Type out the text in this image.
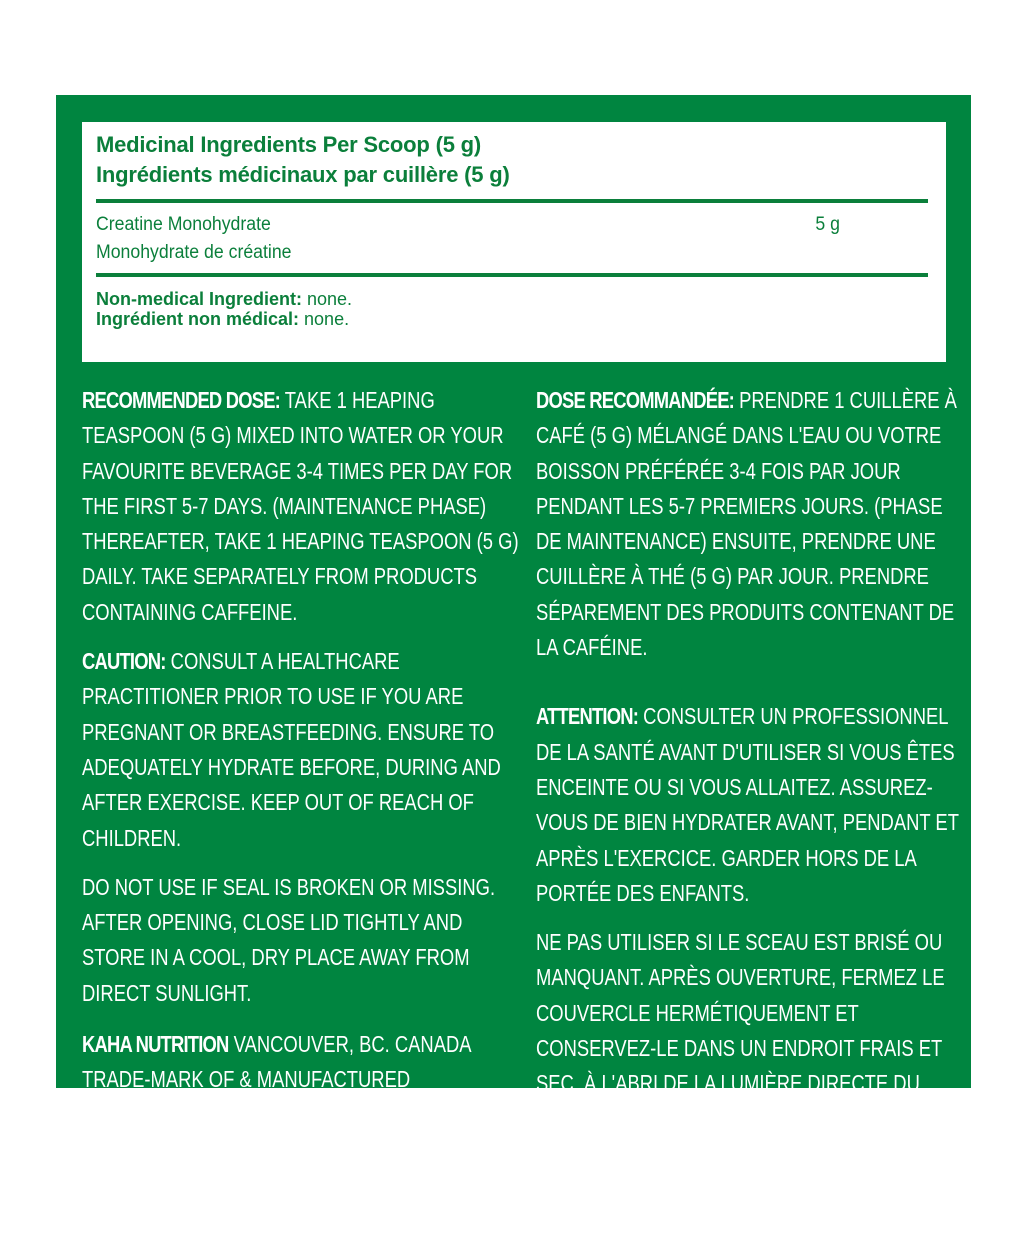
Medicinal Ingredients Per Scoop (5 g)
Ingrédients médicinaux par cuillère (5 g)
Creatine Monohydrate
Monohydrate de créatine
5 g
Non-medical Ingredient: none.
Ingrédient non médical: none.

RECOMMENDED DOSE: TAKE 1 HEAPING TEASPOON (5 G) MIXED INTO WATER OR YOUR FAVOURITE BEVERAGE 3-4 TIMES PER DAY FOR THE FIRST 5-7 DAYS. (MAINTENANCE PHASE) THEREAFTER, TAKE 1 HEAPING TEASPOON (5 G) DAILY. TAKE SEPARATELY FROM PRODUCTS CONTAINING CAFFEINE.

CAUTION: CONSULT A HEALTHCARE PRACTITIONER PRIOR TO USE IF YOU ARE PREGNANT OR BREASTFEEDING. ENSURE TO ADEQUATELY HYDRATE BEFORE, DURING AND AFTER EXERCISE. KEEP OUT OF REACH OF CHILDREN.

DO NOT USE IF SEAL IS BROKEN OR MISSING. AFTER OPENING, CLOSE LID TIGHTLY AND STORE IN A COOL, DRY PLACE AWAY FROM DIRECT SUNLIGHT.

KAHA NUTRITION VANCOUVER, BC. CANADA TRADE-MARK OF & MANUFACTURED BY/MARQUE DEPOSEE DE & FABRIQUE PAR : KAHA NUTRITION VANCOUVER, BC

DOSE RECOMMANDÉE: PRENDRE 1 CUILLÈRE À CAFÉ (5 G) MÉLANGÉ DANS L'EAU OU VOTRE BOISSON PRÉFÉRÉE 3-4 FOIS PAR JOUR PENDANT LES 5-7 PREMIERS JOURS. (PHASE DE MAINTENANCE) ENSUITE, PRENDRE UNE CUILLÈRE À THÉ (5 G) PAR JOUR. PRENDRE SÉPAREMENT DES PRODUITS CONTENANT DE LA CAFÉINE.

ATTENTION: CONSULTER UN PROFESSIONNEL DE LA SANTÉ AVANT D'UTILISER SI VOUS ÊTES ENCEINTE OU SI VOUS ALLAITEZ. ASSUREZ-VOUS DE BIEN HYDRATER AVANT, PENDANT ET APRÈS L'EXERCICE. GARDER HORS DE LA PORTÉE DES ENFANTS.

NE PAS UTILISER SI LE SCEAU EST BRISÉ OU MANQUANT. APRÈS OUVERTURE, FERMEZ LE COUVERCLE HERMÉTIQUEMENT ET CONSERVEZ-LE DANS UN ENDROIT FRAIS ET SEC, À L'ABRI DE LA LUMIÈRE DIRECTE DU SOLEIL.
